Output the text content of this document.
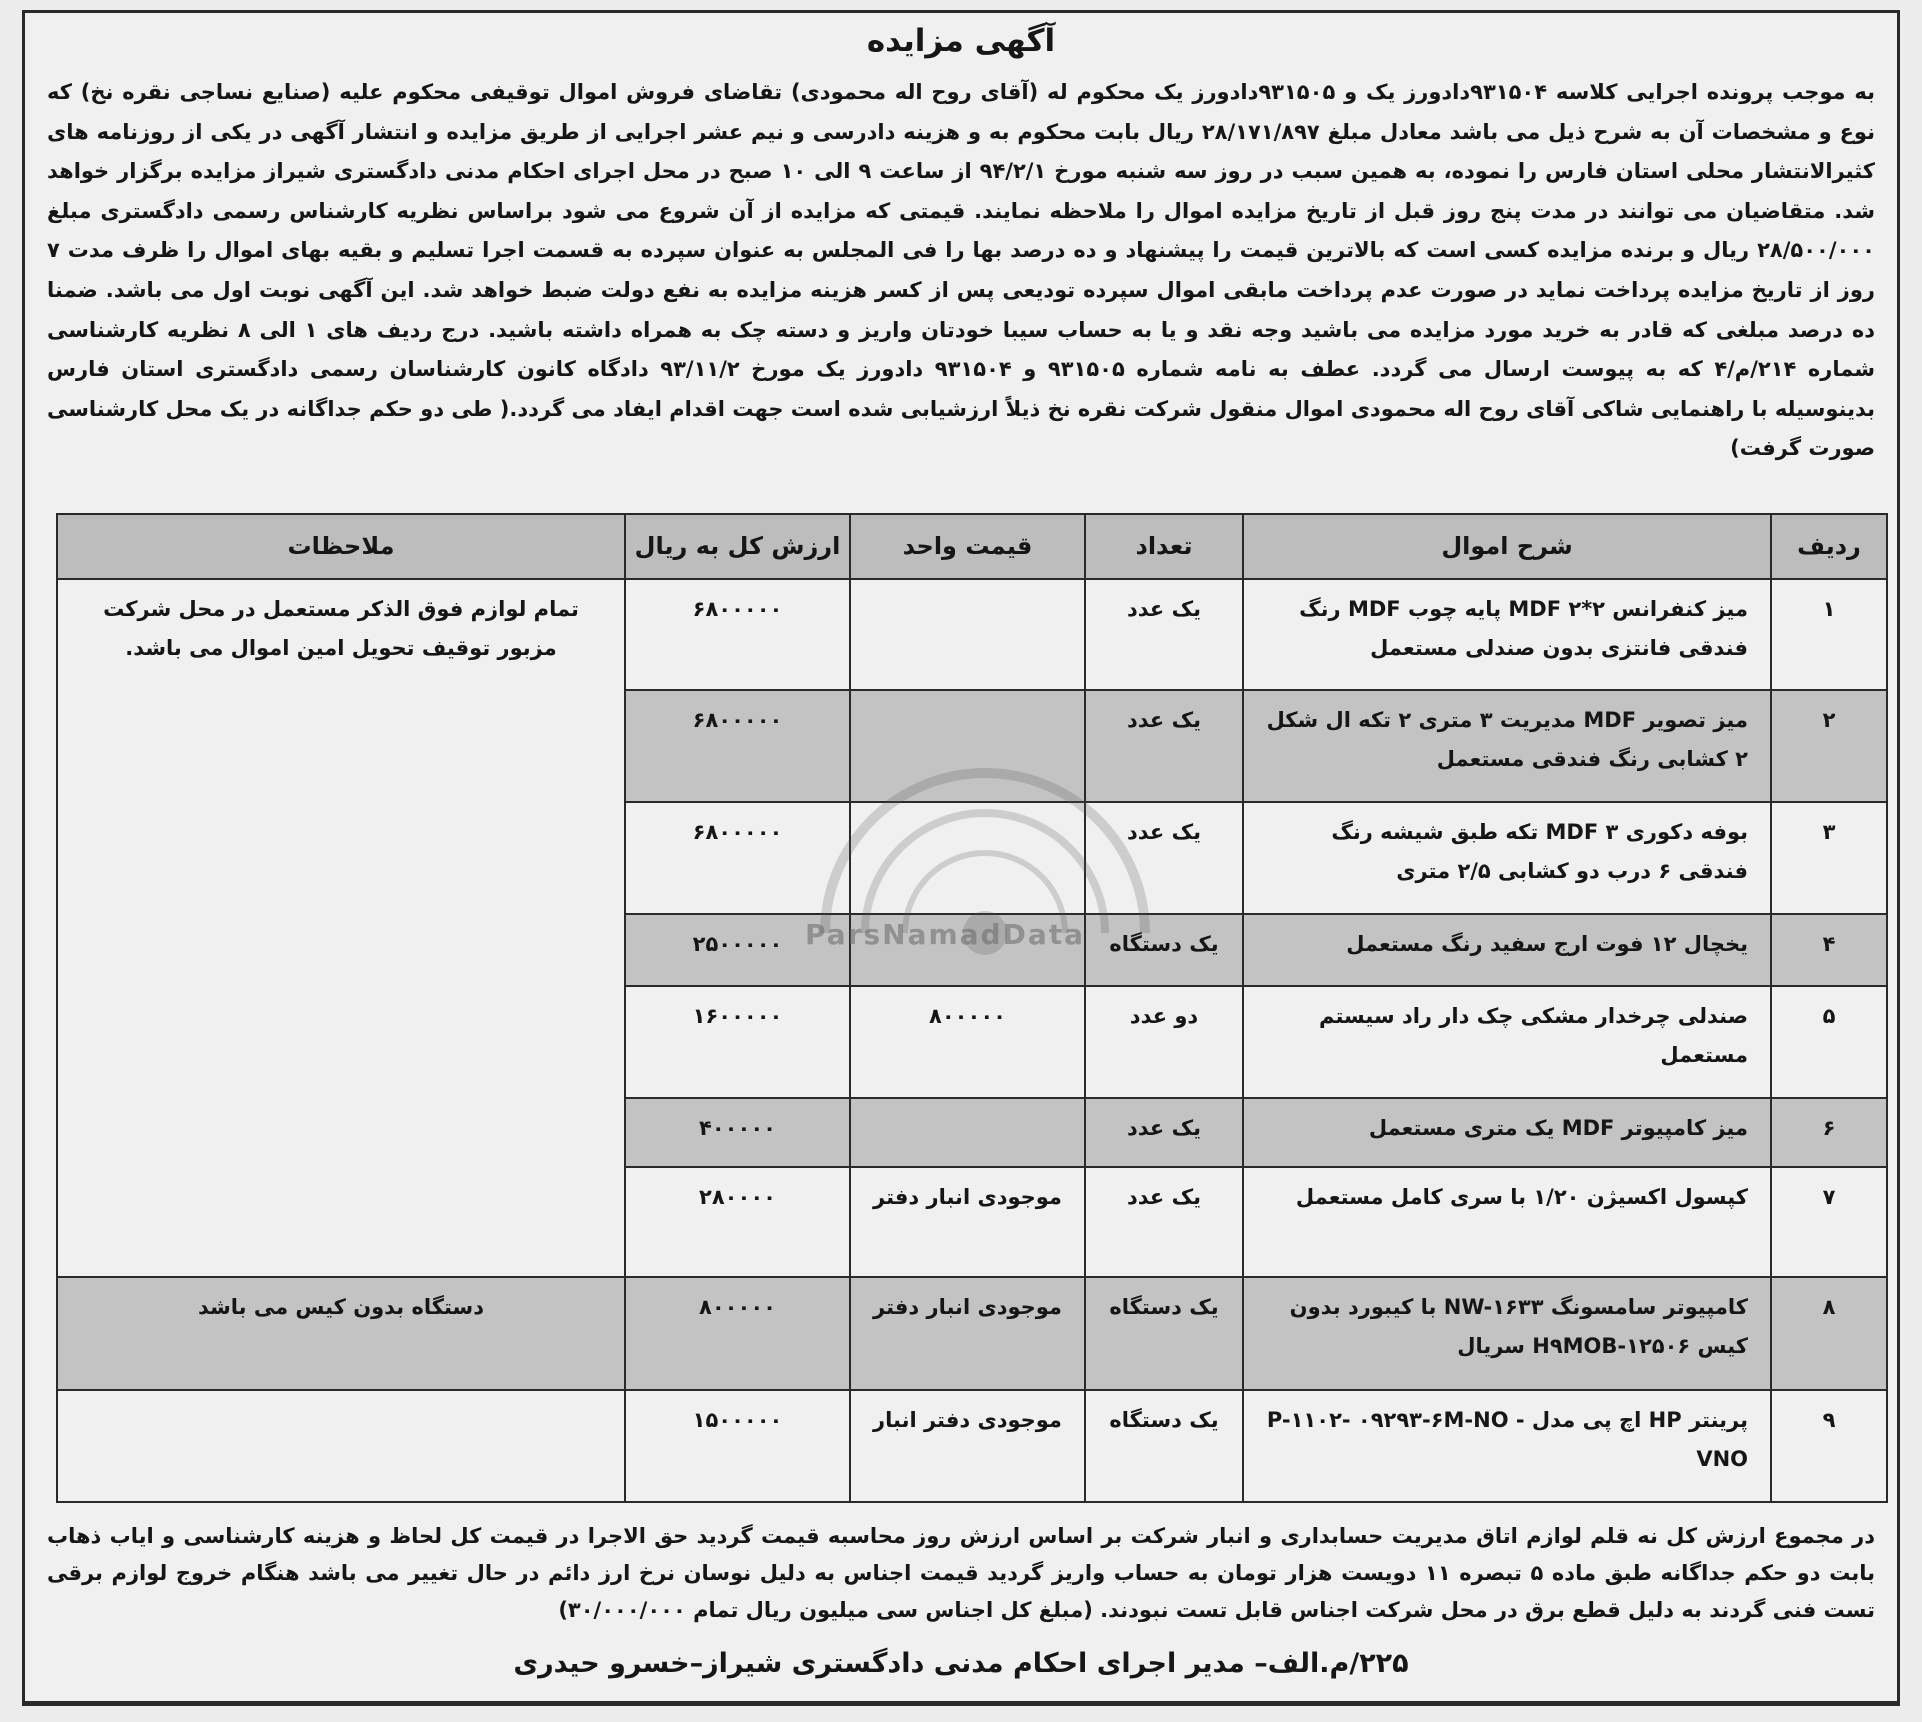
آگهی مزایده
به موجب پرونده اجرایی کلاسه ۹۳۱۵۰۴دادورز یک و ۹۳۱۵۰۵دادورز یک محکوم له (آقای روح اله محمودی) تقاضای فروش اموال توقیفی محکوم علیه (صنایع نساجی نقره نخ) که نوع و مشخصات آن به شرح ذیل می باشد معادل مبلغ ۲۸/۱۷۱/۸۹۷ ریال بابت محکوم به و هزینه دادرسی و نیم عشر اجرایی از طریق مزایده و انتشار آگهی در یکی از روزنامه های کثیرالانتشار محلی استان فارس را نموده، به همین سبب در روز سه شنبه مورخ ۹۴/۲/۱ از ساعت ۹ الی ۱۰ صبح در محل اجرای احکام مدنی دادگستری شیراز مزایده برگزار خواهد شد. متقاضیان می توانند در مدت پنج روز قبل از تاریخ مزایده اموال را ملاحظه نمایند. قیمتی که مزایده از آن شروع می شود براساس نظریه کارشناس رسمی دادگستری مبلغ ۲۸/۵۰۰/۰۰۰ ریال و برنده مزایده کسی است که بالاترین قیمت را پیشنهاد و ده درصد بها را فی المجلس به عنوان سپرده به قسمت اجرا تسلیم و بقیه بهای اموال را ظرف مدت ۷ روز از تاریخ مزایده پرداخت نماید در صورت عدم پرداخت مابقی اموال سپرده تودیعی پس از کسر هزینه مزایده به نفع دولت ضبط خواهد شد. این آگهی نوبت اول می باشد. ضمنا ده درصد مبلغی که قادر به خرید مورد مزایده می باشید وجه نقد و یا به حساب سیبا خودتان واریز و دسته چک به همراه داشته باشید. درج ردیف های ۱ الی ۸ نظریه کارشناسی شماره ۲۱۴/م/۴ که به پیوست ارسال می گردد. عطف به نامه شماره ۹۳۱۵۰۵ و ۹۳۱۵۰۴ دادورز یک مورخ ۹۳/۱۱/۲ دادگاه کانون کارشناسان رسمی دادگستری استان فارس بدینوسیله با راهنمایی شاکی آقای روح اله محمودی اموال منقول شرکت نقره نخ ذیلاً ارزشیابی شده است جهت اقدام ایفاد می گردد.( طی دو حکم جداگانه در یک محل کارشناسی صورت گرفت)
ردیف	شرح اموال	تعداد	قیمت واحد	ارزش کل به ریال	ملاحظات
۱	میز کنفرانس MDF ۲*۲ پایه چوب MDF رنگ فندقی فانتزی بدون صندلی مستعمل	یک عدد		۶۸۰۰۰۰۰	تمام لوازم فوق الذکر مستعمل در محل شرکت مزبور توقیف تحویل امین اموال می باشد.
۲	میز تصویر MDF مدیریت ۳ متری ۲ تکه ال شکل ۲ کشابی رنگ فندقی مستعمل	یک عدد		۶۸۰۰۰۰۰	
۳	بوفه دکوری MDF ۳ تکه طبق شیشه رنگ فندقی ۶ درب دو کشابی ۲/۵ متری	یک عدد		۶۸۰۰۰۰۰	
۴	یخچال ۱۲ فوت ارج سفید رنگ مستعمل	یک دستگاه		۲۵۰۰۰۰۰	
۵	صندلی چرخدار مشکی چک دار راد سیستم مستعمل	دو عدد	۸۰۰۰۰۰	۱۶۰۰۰۰۰	
۶	میز کامپیوتر MDF یک متری مستعمل	یک عدد		۴۰۰۰۰۰	
۷	کپسول اکسیژن ۱/۲۰ با سری کامل مستعمل	یک عدد	موجودی انبار دفتر	۲۸۰۰۰۰	
۸	کامپیوتر سامسونگ NW-۱۶۳۳ با کیبورد بدون کیس H۹MOB-۱۲۵۰۶ سریال	یک دستگاه	موجودی انبار دفتر	۸۰۰۰۰۰	دستگاه بدون کیس می باشد
۹	پرینتر HP اچ پی مدل P-۱۱۰۲- ۰۹۲۹۳-۶M-NO -VNO	یک دستگاه	موجودی دفتر انبار	۱۵۰۰۰۰۰	
ParsNamadData
در مجموع ارزش کل نه قلم لوازم اتاق مدیریت حسابداری و انبار شرکت بر اساس ارزش روز محاسبه قیمت گردید حق الاجرا در قیمت کل لحاظ و هزینه کارشناسی و ایاب ذهاب بابت دو حکم جداگانه طبق ماده ۵ تبصره ۱۱ دویست هزار تومان به حساب واریز گردید قیمت اجناس به دلیل نوسان نرخ ارز دائم در حال تغییر می باشد هنگام خروج لوازم برقی تست فنی گردند به دلیل قطع برق در محل شرکت اجناس قابل تست نبودند. (مبلغ کل اجناس سی میلیون ریال تمام ۳۰/۰۰۰/۰۰۰)
۲۲۵/م.الف– مدیر اجرای احکام مدنی دادگستری شیراز–خسرو حیدری
